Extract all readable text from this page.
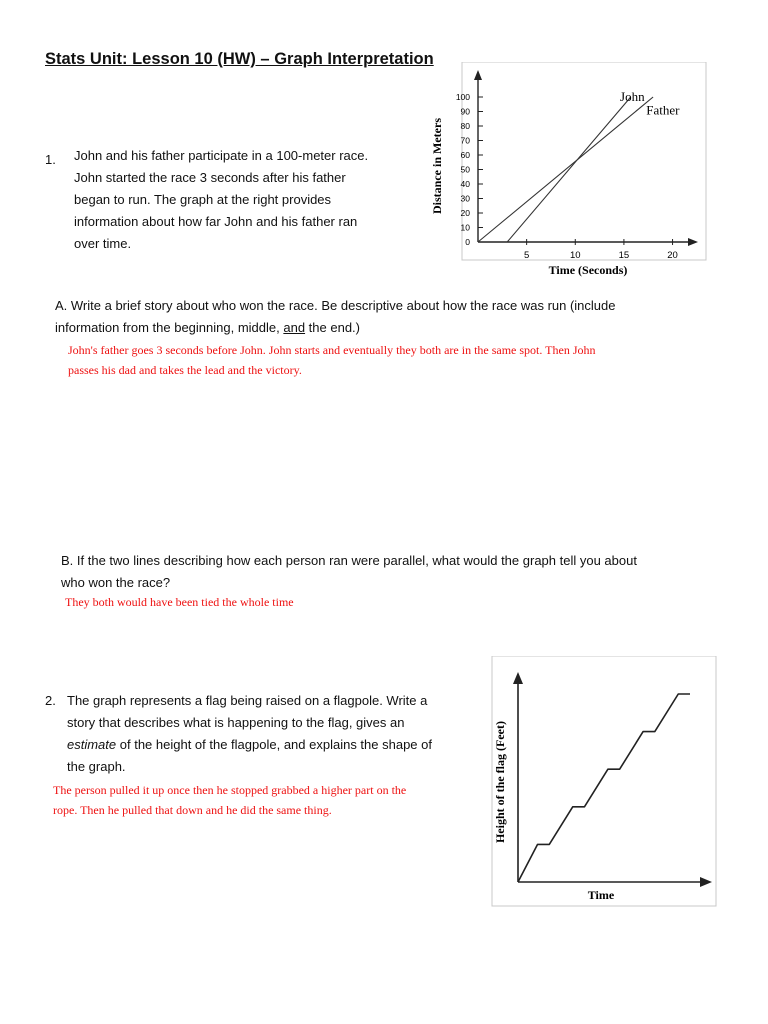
Stats Unit: Lesson 10 (HW) – Graph Interpretation
1. John and his father participate in a 100-meter race.
John started the race 3 seconds after his father
began to run. The graph at the right provides
information about how far John and his father ran
over time.	0
10
20
30
40
50
60
70
80
90
100
5	10	15	20
John
Father
Distance in Meters
Time (Seconds)
A. Write a brief story about who won the race. Be descriptive about how the race was run (include
information from the beginning, middle, and the end.)
John's father goes 3 seconds before John. John starts and eventually they both are in the same spot. Then John
passes his dad and takes the lead and the victory.
B. If the two lines describing how each person ran were parallel, what would the graph tell you about
who won the race?
They both would have been tied the whole time
2. The graph represents a flag being raised on a flagpole. Write a
story that describes what is happening to the flag, gives an
estimate of the height of the flagpole, and explains the shape of
the graph.
The person pulled it up once then he stopped grabbed a higher part on the
rope. Then he pulled that down and he did the same thing.	Height of the flag (Feet)
Time
